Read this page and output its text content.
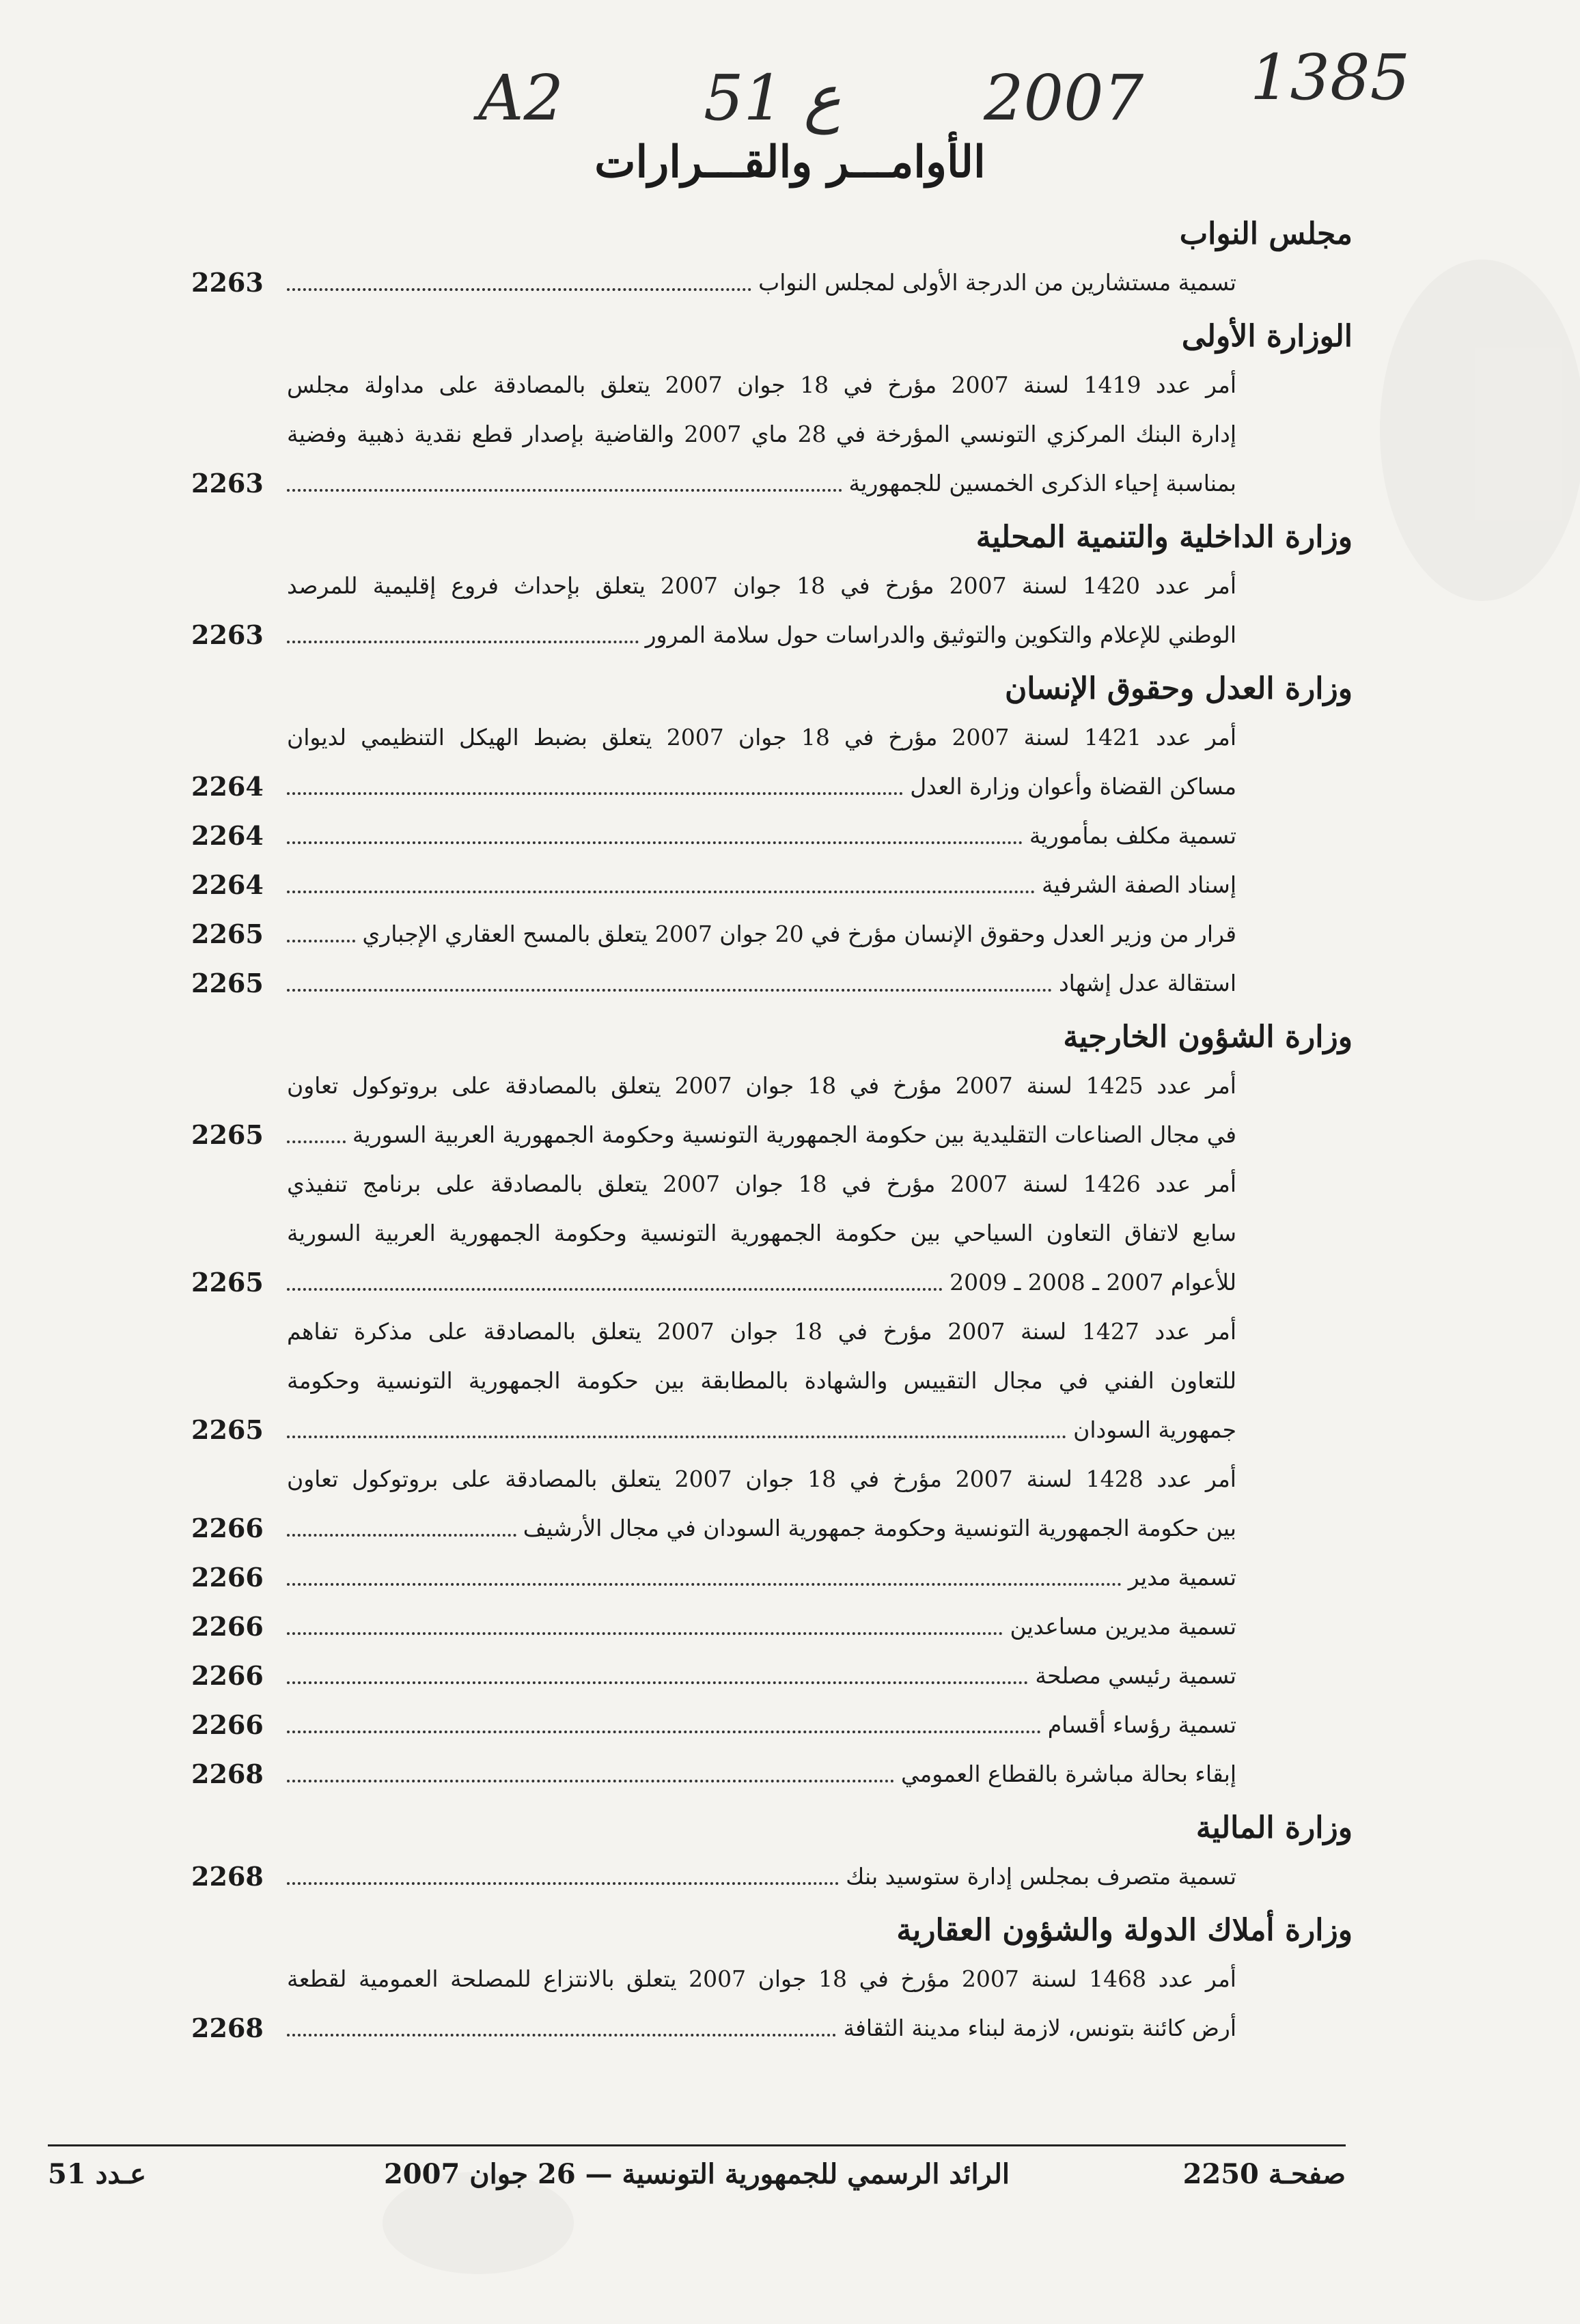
A2 51 ع 2007 1385
الأوامـــر والقـــرارات
مجلس النواب
تسمية مستشارين من الدرجة الأولى لمجلس النواب
2263
الوزارة الأولى
أمر عدد 1419 لسنة 2007 مؤرخ في 18 جوان 2007 يتعلق بالمصادقة على مداولة مجلس
إدارة البنك المركزي التونسي المؤرخة في 28 ماي 2007 والقاضية بإصدار قطع نقدية ذهبية وفضية
بمناسبة إحياء الذكرى الخمسين للجمهورية
2263
وزارة الداخلية والتنمية المحلية
أمر عدد 1420 لسنة 2007 مؤرخ في 18 جوان 2007 يتعلق بإحداث فروع إقليمية للمرصد
الوطني للإعلام والتكوين والتوثيق والدراسات حول سلامة المرور
2263
وزارة العدل وحقوق الإنسان
أمر عدد 1421 لسنة 2007 مؤرخ في 18 جوان 2007 يتعلق بضبط الهيكل التنظيمي لديوان
مساكن القضاة وأعوان وزارة العدل
2264
تسمية مكلف بمأمورية
2264
إسناد الصفة الشرفية
2264
قرار من وزير العدل وحقوق الإنسان مؤرخ في 20 جوان 2007 يتعلق بالمسح العقاري الإجباري
2265
استقالة عدل إشهاد
2265
وزارة الشؤون الخارجية
أمر عدد 1425 لسنة 2007 مؤرخ في 18 جوان 2007 يتعلق بالمصادقة على بروتوكول تعاون
في مجال الصناعات التقليدية بين حكومة الجمهورية التونسية وحكومة الجمهورية العربية السورية
2265
أمر عدد 1426 لسنة 2007 مؤرخ في 18 جوان 2007 يتعلق بالمصادقة على برنامج تنفيذي
سابع لاتفاق التعاون السياحي بين حكومة الجمهورية التونسية وحكومة الجمهورية العربية السورية
للأعوام 2007 ـ 2008 ـ 2009
2265
أمر عدد 1427 لسنة 2007 مؤرخ في 18 جوان 2007 يتعلق بالمصادقة على مذكرة تفاهم
للتعاون الفني في مجال التقييس والشهادة بالمطابقة بين حكومة الجمهورية التونسية وحكومة
جمهورية السودان
2265
أمر عدد 1428 لسنة 2007 مؤرخ في 18 جوان 2007 يتعلق بالمصادقة على بروتوكول تعاون
بين حكومة الجمهورية التونسية وحكومة جمهورية السودان في مجال الأرشيف
2266
تسمية مدير
2266
تسمية مديرين مساعدين
2266
تسمية رئيسي مصلحة
2266
تسمية رؤساء أقسام
2266
إبقاء بحالة مباشرة بالقطاع العمومي
2268
وزارة المالية
تسمية متصرف بمجلس إدارة ستوسيد بنك
2268
وزارة أملاك الدولة والشؤون العقارية
أمر عدد 1468 لسنة 2007 مؤرخ في 18 جوان 2007 يتعلق بالانتزاع للمصلحة العمومية لقطعة
أرض كائنة بتونس، لازمة لبناء مدينة الثقافة
2268
صفحـة 2250
الرائد الرسمي للجمهورية التونسية — 26 جوان 2007
عـدد 51
